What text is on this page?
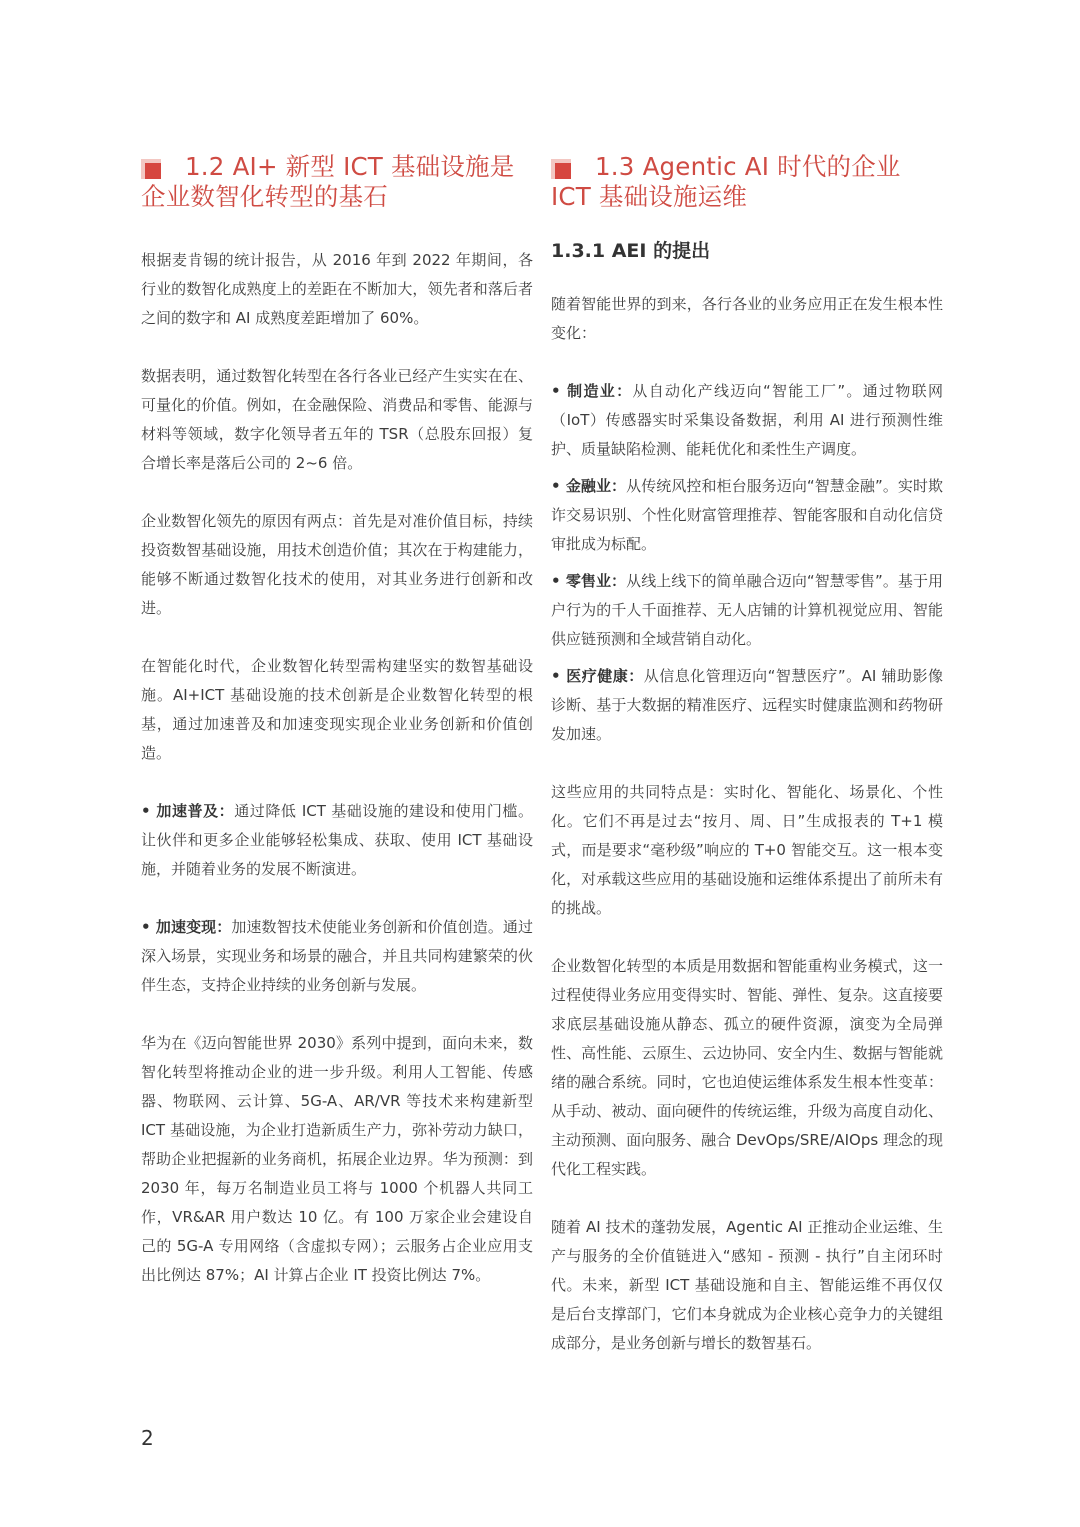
1.2 AI+ 新型 ICT 基础设施是企业数智化转型的基石

根据麦肯锡的统计报告，从 2016 年到 2022 年期间，各行业的数智化成熟度上的差距在不断加大，领先者和落后者之间的数字和 AI 成熟度差距增加了 60%。

数据表明，通过数智化转型在各行各业已经产生实实在在、可量化的价值。例如，在金融保险、消费品和零售、能源与材料等领域，数字化领导者五年的 TSR（总股东回报）复合增长率是落后公司的 2~6 倍。

企业数智化领先的原因有两点：首先是对准价值目标，持续投资数智基础设施，用技术创造价值；其次在于构建能力，能够不断通过数智化技术的使用，对其业务进行创新和改进。

在智能化时代，企业数智化转型需构建坚实的数智基础设施。AI+ICT 基础设施的技术创新是企业数智化转型的根基，通过加速普及和加速变现实现企业业务创新和价值创造。

• 加速普及：通过降低 ICT 基础设施的建设和使用门槛。让伙伴和更多企业能够轻松集成、获取、使用 ICT 基础设施，并随着业务的发展不断演进。

• 加速变现：加速数智技术使能业务创新和价值创造。通过深入场景，实现业务和场景的融合，并且共同构建繁荣的伙伴生态，支持企业持续的业务创新与发展。

华为在《迈向智能世界 2030》系列中提到，面向未来，数智化转型将推动企业的进一步升级。利用人工智能、传感器、物联网、云计算、5G-A、AR/VR 等技术来构建新型 ICT 基础设施，为企业打造新质生产力，弥补劳动力缺口，帮助企业把握新的业务商机，拓展企业边界。华为预测：到 2030 年，每万名制造业员工将与 1000 个机器人共同工作，VR&AR 用户数达 10 亿。有 100 万家企业会建设自己的 5G-A 专用网络（含虚拟专网）；云服务占企业应用支出比例达 87%；AI 计算占企业 IT 投资比例达 7%。

1.3 Agentic AI 时代的企业 ICT 基础设施运维
1.3.1 AEI 的提出

随着智能世界的到来，各行各业的业务应用正在发生根本性变化：

• 制造业：从自动化产线迈向“智能工厂”。通过物联网（IoT）传感器实时采集设备数据，利用 AI 进行预测性维护、质量缺陷检测、能耗优化和柔性生产调度。

• 金融业：从传统风控和柜台服务迈向“智慧金融”。实时欺诈交易识别、个性化财富管理推荐、智能客服和自动化信贷审批成为标配。

• 零售业：从线上线下的简单融合迈向“智慧零售”。基于用户行为的千人千面推荐、无人店铺的计算机视觉应用、智能供应链预测和全域营销自动化。

• 医疗健康：从信息化管理迈向“智慧医疗”。AI 辅助影像诊断、基于大数据的精准医疗、远程实时健康监测和药物研发加速。

这些应用的共同特点是：实时化、智能化、场景化、个性化。它们不再是过去“按月、周、日”生成报表的 T+1 模式，而是要求“毫秒级”响应的 T+0 智能交互。这一根本变化，对承载这些应用的基础设施和运维体系提出了前所未有的挑战。

企业数智化转型的本质是用数据和智能重构业务模式，这一过程使得业务应用变得实时、智能、弹性、复杂。这直接要求底层基础设施从静态、孤立的硬件资源，演变为全局弹性、高性能、云原生、云边协同、安全内生、数据与智能就绪的融合系统。同时，它也迫使运维体系发生根本性变革：从手动、被动、面向硬件的传统运维，升级为高度自动化、主动预测、面向服务、融合 DevOps/SRE/AIOps 理念的现代化工程实践。

随着 AI 技术的蓬勃发展，Agentic AI 正推动企业运维、生产与服务的全价值链进入“感知 - 预测 - 执行”自主闭环时代。未来，新型 ICT 基础设施和自主、智能运维不再仅仅是后台支撑部门，它们本身就成为企业核心竞争力的关键组成部分，是业务创新与增长的数智基石。

2
